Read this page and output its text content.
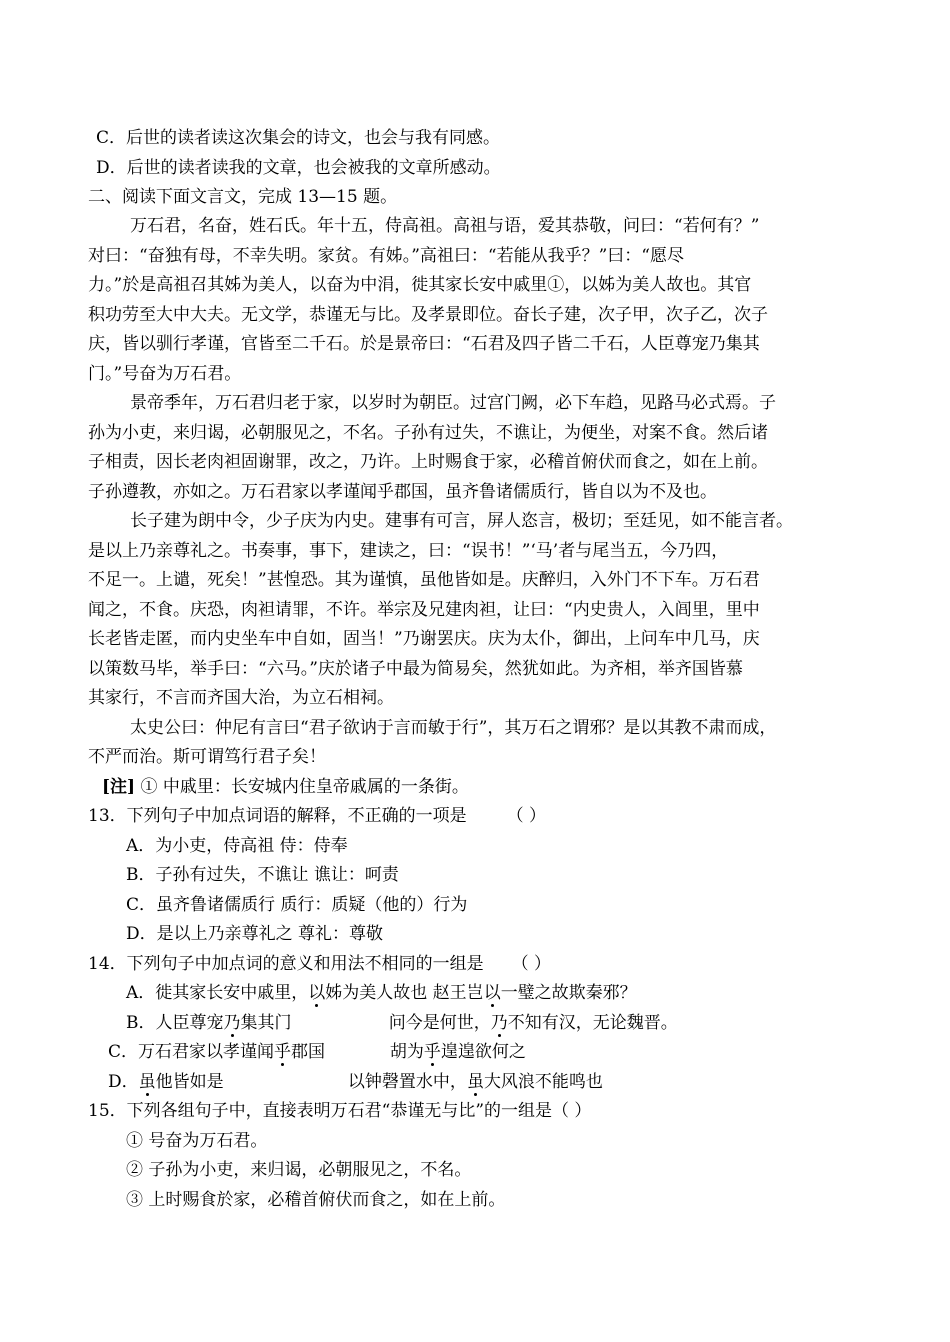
C．后世的读者读这次集会的诗文，也会与我有同感。
D．后世的读者读我的文章，也会被我的文章所感动。
二、阅读下面文言文，完成 13—15 题。
万石君，名奋，姓石氏。年十五，侍高祖。高祖与语，爱其恭敬，问曰：“若何有？”
对曰：“奋独有母，不幸失明。家贫。有姊。”高祖曰：“若能从我乎？”曰：“愿尽
力。”於是高祖召其姊为美人，以奋为中涓，徙其家长安中戚里①，以姊为美人故也。其官
积功劳至大中大夫。无文学，恭谨无与比。及孝景即位。奋长子建，次子甲，次子乙，次子
庆，皆以驯行孝谨，官皆至二千石。於是景帝曰：“石君及四子皆二千石，人臣尊宠乃集其
门。”号奋为万石君。
景帝季年，万石君归老于家，以岁时为朝臣。过宫门阙，必下车趋，见路马必式焉。子
孙为小吏，来归谒，必朝服见之，不名。子孙有过失，不谯让，为便坐，对案不食。然后诸
子相责，因长老肉袒固谢罪，改之，乃许。上时赐食于家，必稽首俯伏而食之，如在上前。
子孙遵教，亦如之。万石君家以孝谨闻乎郡国，虽齐鲁诸儒质行，皆自以为不及也。
长子建为朗中令，少子庆为内史。建事有可言，屏人恣言，极切；至廷见，如不能言者。
是以上乃亲尊礼之。书奏事，事下，建读之，曰：“误书！”‘马’者与尾当五，今乃四，
不足一。上谴，死矣！”甚惶恐。其为谨慎，虽他皆如是。庆醉归，入外门不下车。万石君
闻之，不食。庆恐，肉袒请罪，不许。举宗及兄建肉袒，让曰：“内史贵人，入闾里，里中
长老皆走匿，而内史坐车中自如，固当！”乃谢罢庆。庆为太仆，御出，上问车中几马，庆
以策数马毕，举手曰：“六马。”庆於诸子中最为简易矣，然犹如此。为齐相，举齐国皆慕
其家行，不言而齐国大治，为立石相祠。
太史公曰：仲尼有言曰“君子欲讷于言而敏于行”，其万石之谓邪？是以其教不肃而成，
不严而治。斯可谓笃行君子矣！
[注] ① 中戚里：长安城内住皇帝戚属的一条街。
13．下列句子中加点词语的解释，不正确的一项是 （ ）
A．为小吏，侍高祖 侍：侍奉
B．子孙有过失，不谯让 谯让：呵责
C．虽齐鲁诸儒质行 质行：质疑（他的）行为
D．是以上乃亲尊礼之 尊礼：尊敬
14．下列句子中加点词的意义和用法不相同的一组是 （ ）
A．徙其家长安中戚里，以姊为美人故也 赵王岂以一璧之故欺秦邪？
B．人臣尊宠乃集其门                  问今是何世，乃不知有汉，无论魏晋。
C．万石君家以孝谨闻乎郡国            胡为乎遑遑欲何之
D．虽他皆如是                       以钟磬置水中，虽大风浪不能鸣也
15．下列各组句子中，直接表明万石君“恭谨无与比”的一组是（ ）
① 号奋为万石君。
② 子孙为小吏，来归谒，必朝服见之，不名。
③ 上时赐食於家，必稽首俯伏而食之，如在上前。
